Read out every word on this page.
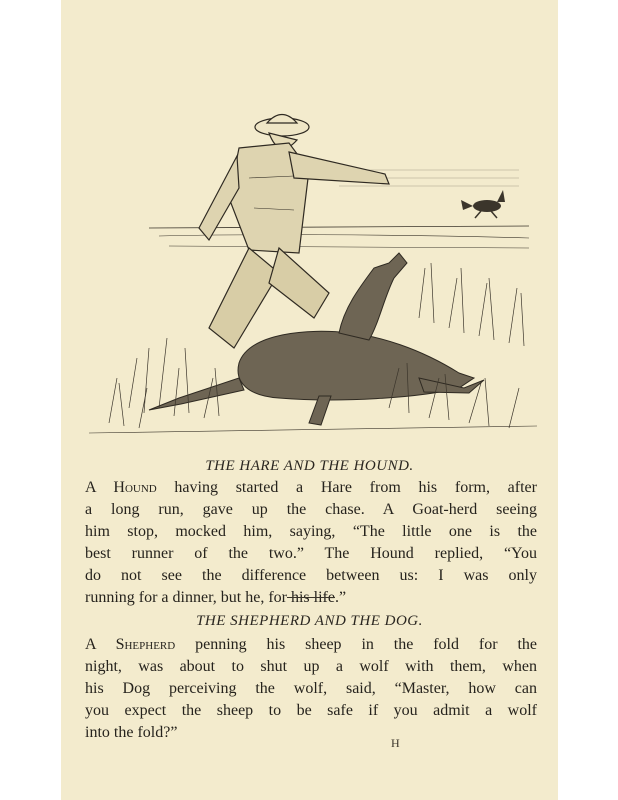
THE HARE AND THE HOUND.

A Hound having started a Hare from his form, after
a long run, gave up the chase. A Goat-herd seeing
him stop, mocked him, saying, “The little one is the
best runner of the two.” The Hound replied, “You
do not see the difference between us: I was only
running for a dinner, but he, for his life.”

THE SHEPHERD AND THE DOG.

A Shepherd penning his sheep in the fold for the
night, was about to shut up a wolf with them, when
his Dog perceiving the wolf, said, “Master, how can
you expect the sheep to be safe if you admit a wolf
into the fold?”
H
